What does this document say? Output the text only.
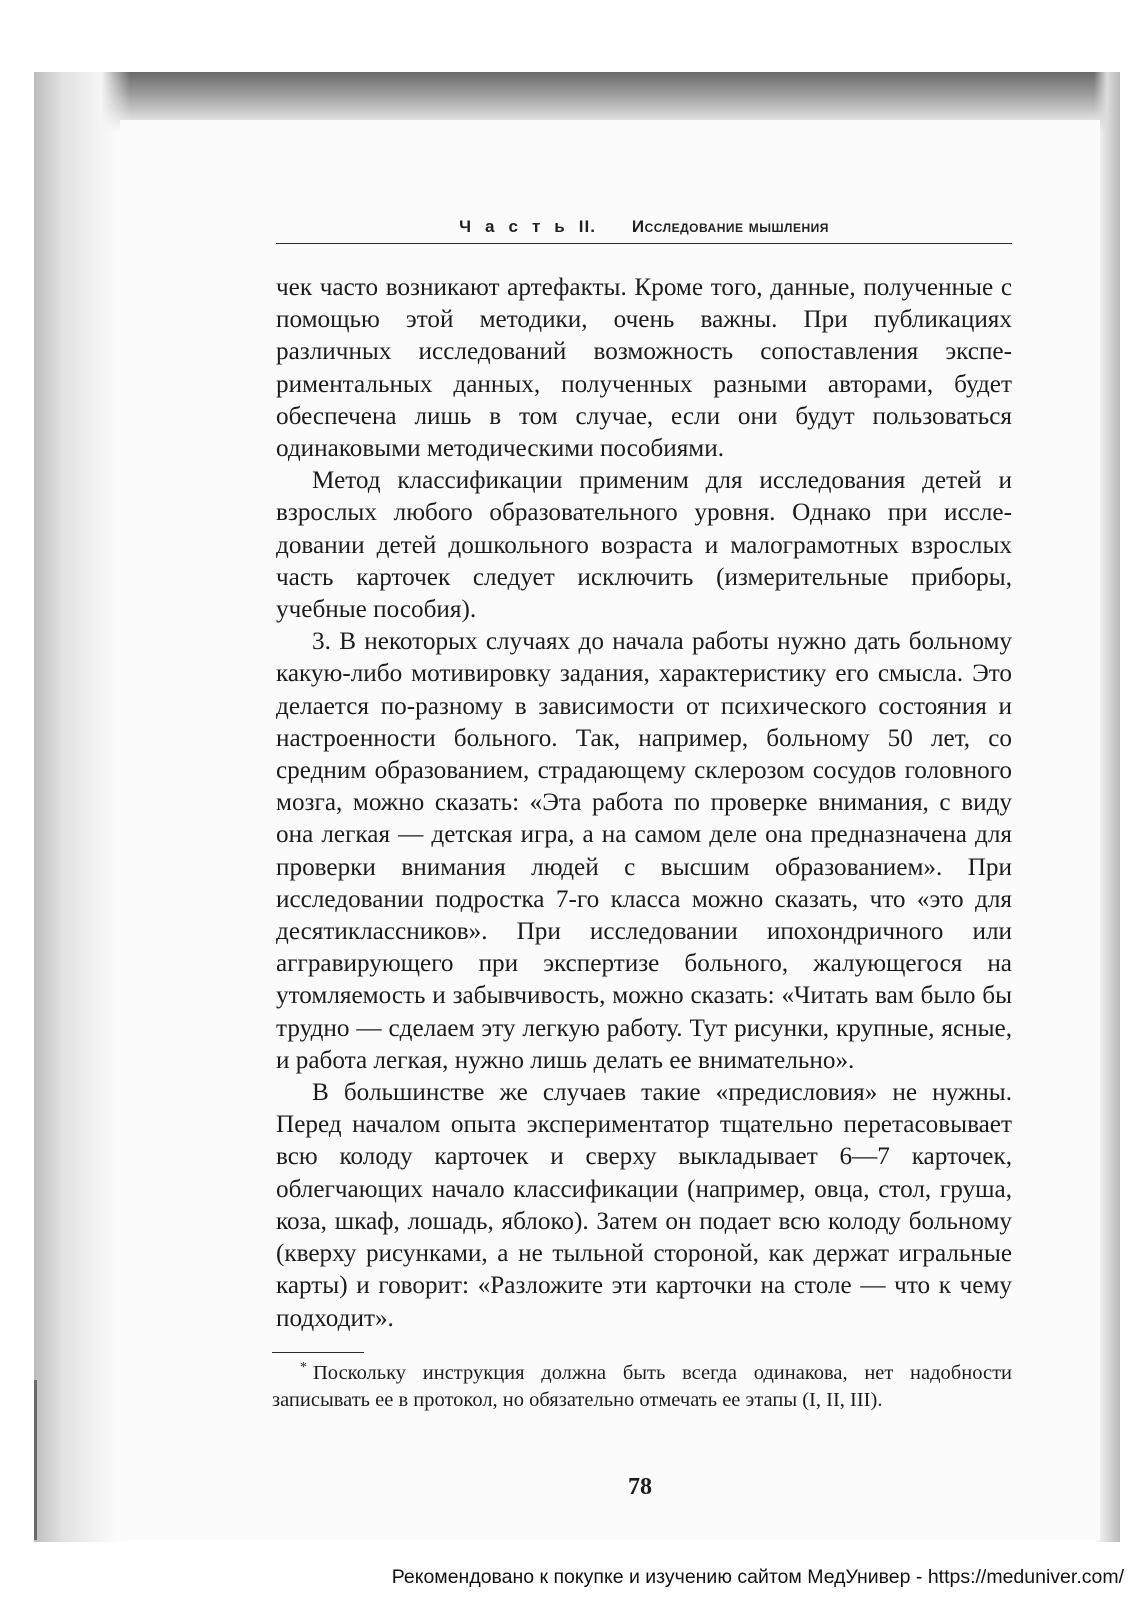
ЧастьII. Исследование мышления

чек часто возникают артефакты. Кроме того, данные, полученные с помощью этой методики, очень важны. При публикациях различных исследований возможность сопоставления экспериментальных данных, полученных разными авторами, будет обеспечена лишь в том случае, если они будут пользоваться одинаковыми методическими пособиями.

Метод классификации применим для исследования детей и взрослых любого образовательного уровня. Однако при исследовании детей дошкольного возраста и малограмотных взрослых часть карточек следует исключить (измерительные приборы, учебные пособия).

3. В некоторых случаях до начала работы нужно дать больному какую-либо мотивировку задания, характеристику его смысла. Это делается по-разному в зависимости от психического состояния и настроенности больного. Так, например, больному 50 лет, со средним образованием, страдающему склерозом сосудов головного мозга, можно сказать: «Эта работа по проверке внимания, с виду она легкая — детская игра, а на самом деле она предназначена для проверки внимания людей с высшим образованием». При исследовании подростка 7-го класса можно сказать, что «это для десятиклассников». При исследовании ипохондричного или аггравирующего при экспертизе больного, жалующегося на утомляемость и забывчивость, можно сказать: «Читать вам было бы трудно — сделаем эту легкую работу. Тут рисунки, крупные, ясные, и работа легкая, нужно лишь делать ее внимательно».

В большинстве же случаев такие «предисловия» не нужны. Перед началом опыта экспериментатор тщательно перетасовывает всю колоду карточек и сверху выкладывает 6—7 карточек, облегчающих начало классификации (например, овца, стол, груша, коза, шкаф, лошадь, яблоко). Затем он подает всю колоду больному (кверху рисунками, а не тыльной стороной, как держат игральные карты) и говорит: «Разложите эти карточки на столе — что к чему подходит».

* Поскольку инструкция должна быть всегда одинакова, нет надобности записывать ее в протокол, но обязательно отмечать ее этапы (I, II, III).
78
Рекомендовано к покупке и изучению сайтом МедУнивер - https://meduniver.com/
